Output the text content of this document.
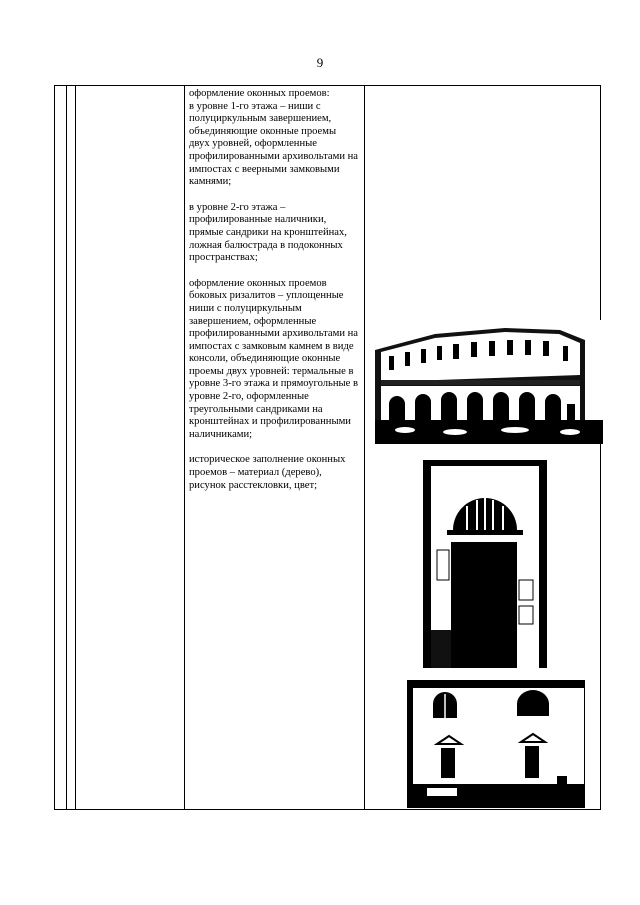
9

оформление оконных проемов:
в уровне 1-го этажа – ниши с полуциркульным завершением, объединяющие оконные проемы двух уровней, оформленные профилированными архивольтами на импостах с веерными замковыми камнями;

в уровне 2-го этажа – профилированные наличники, прямые сандрики на кронштейнах, ложная балюстрада в подоконных пространствах;

оформление оконных проемов боковых ризалитов – уплощенные ниши с полуциркульным завершением, оформленные профилированными архивольтами на импостах с замковым камнем в виде консоли, объединяющие оконные проемы двух уровней: термальные в уровне 3-го этажа и прямоугольные в уровне 2-го, оформленные треугольными сандриками на кронштейнах и профилированными наличниками;

историческое заполнение оконных проемов – материал (дерево), рисунок расстекловки, цвет;
